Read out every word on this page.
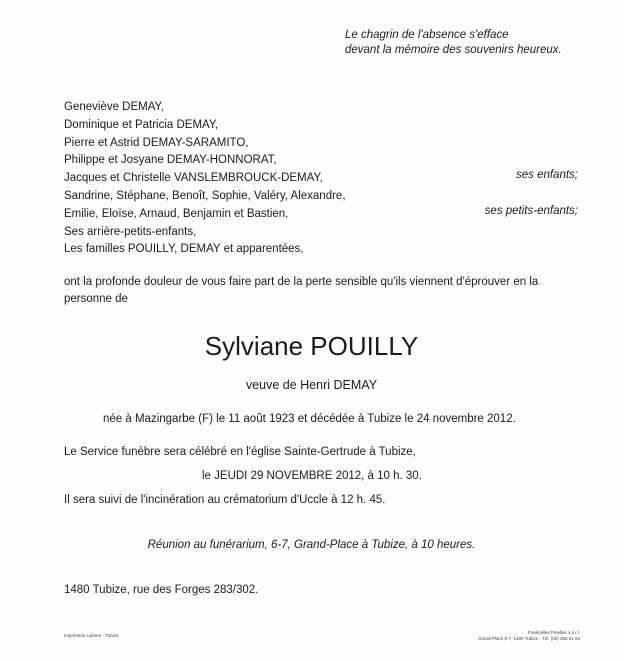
Le chagrin de l'absence s'efface
devant la mémoire des souvenirs heureux.
Geneviève DEMAY,
Dominique et Patricia DEMAY,
Pierre et Astrid DEMAY-SARAMITO,
Philippe et Josyane DEMAY-HONNORAT,
Jacques et Christelle VANSLEMBROUCK-DEMAY,
Sandrine, Stéphane, Benoît, Sophie, Valéry, Alexandre,
Emilie, Eloïse, Arnaud, Benjamin et Bastien,
Ses arrière-petits-enfants,
Les familles POUILLY, DEMAY et apparentées,
ses enfants;
ses petits-enfants;
ont la profonde douleur de vous faire part de la perte sensible qu'ils viennent d'éprouver en la personne de
Sylviane POUILLY
veuve de Henri DEMAY
née à Mazingarbe (F) le 11 août 1923 et décédée à Tubize le 24 novembre 2012.
Le Service funèbre sera célébré en l'église Sainte-Gertrude à Tubize,
le JEUDI 29 NOVEMBRE 2012, à 10 h. 30.
Il sera suivi de l'incinération au crématorium d'Uccle à 12 h. 45.
Réunion au funérarium, 6-7, Grand-Place à Tubize, à 10 heures.
1480 Tubize, rue des Forges 283/302.
Imprimerie Lakiere - Tubize
Funérailles Pinelles s.p.r.l.
Grand-Place 6-7, 1480 Tubize - Tél. (02) 355 51 94
